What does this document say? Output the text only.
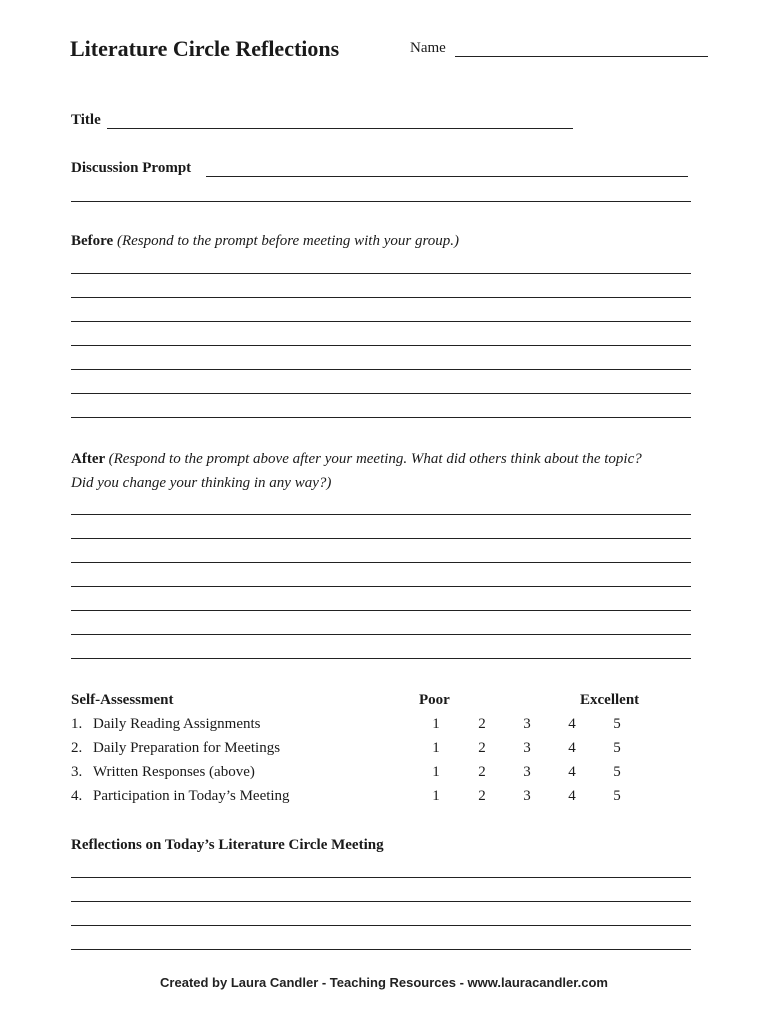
Literature Circle Reflections	Name
Title
Discussion Prompt
Before (Respond to the prompt before meeting with your group.)
After (Respond to the prompt above after your meeting. What did others think about the topic?
Did you change your thinking in any way?)
Self-Assessment	Poor	Excellent
1. Daily Reading Assignments	1	2	3	4	5
2. Daily Preparation for Meetings	1	2	3	4	5
3. Written Responses (above)	1	2	3	4	5
4. Participation in Today’s Meeting	1	2	3	4	5
Reflections on Today’s Literature Circle Meeting
Created by Laura Candler - Teaching Resources - www.lauracandler.com
